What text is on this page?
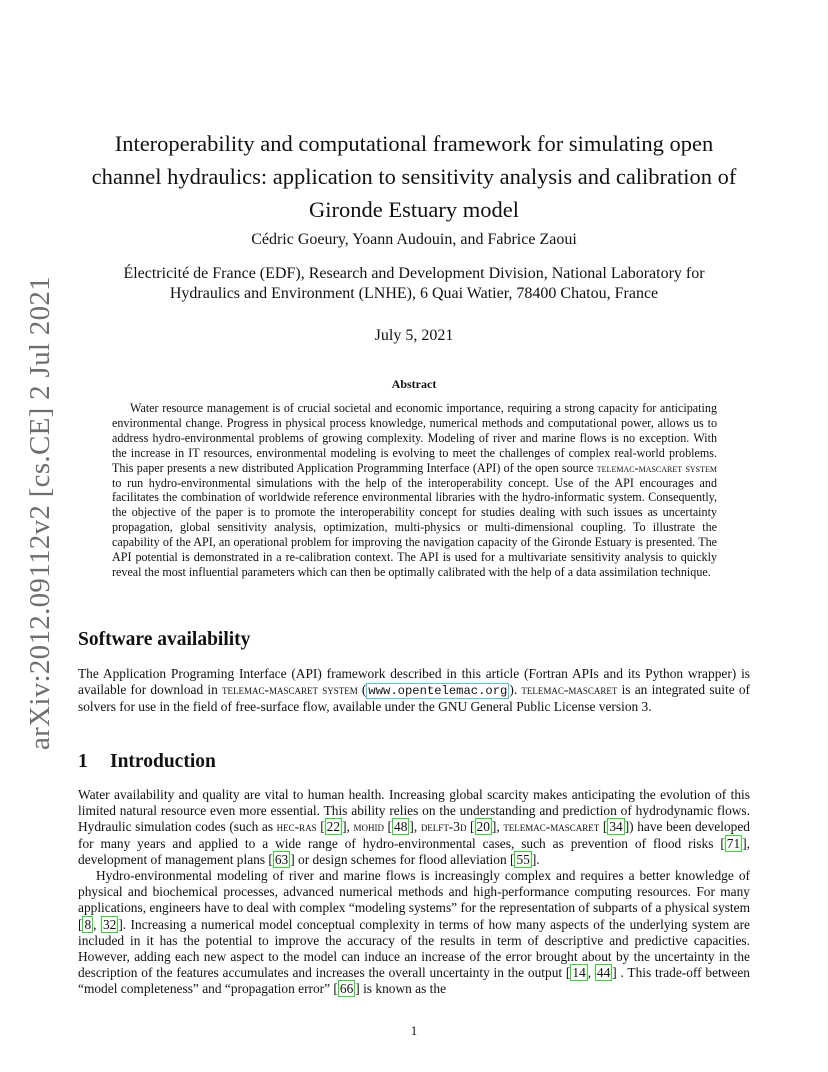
arXiv:2012.09112v2 [cs.CE] 2 Jul 2021
Interoperability and computational framework for simulating open channel hydraulics: application to sensitivity analysis and calibration of Gironde Estuary model
Cédric Goeury, Yoann Audouin, and Fabrice Zaoui
Électricité de France (EDF), Research and Development Division, National Laboratory for Hydraulics and Environment (LNHE), 6 Quai Watier, 78400 Chatou, France
July 5, 2021
Abstract

Water resource management is of crucial societal and economic importance, requiring a strong capacity for anticipating environmental change. Progress in physical process knowledge, numerical methods and computational power, allows us to address hydro-environmental problems of growing complexity. Modeling of river and marine flows is no exception. With the increase in IT resources, environmental modeling is evolving to meet the challenges of complex real-world problems. This paper presents a new distributed Application Programming Interface (API) of the open source telemac-mascaret system to run hydro-environmental simulations with the help of the interoperability concept. Use of the API encourages and facilitates the combination of worldwide reference environmental libraries with the hydro-informatic system. Consequently, the objective of the paper is to promote the interoperability concept for studies dealing with such issues as uncertainty propagation, global sensitivity analysis, optimization, multi-physics or multi-dimensional coupling. To illustrate the capability of the API, an operational problem for improving the navigation capacity of the Gironde Estuary is presented. The API potential is demonstrated in a re-calibration context. The API is used for a multivariate sensitivity analysis to quickly reveal the most influential parameters which can then be optimally calibrated with the help of a data assimilation technique.

Software availability

The Application Programing Interface (API) framework described in this article (Fortran APIs and its Python wrapper) is available for download in telemac-mascaret system ( www.opentelemac.org ). telemac-mascaret is an integrated suite of solvers for use in the field of free-surface flow, available under the GNU General Public License version 3.

1 Introduction

Water availability and quality are vital to human health. Increasing global scarcity makes anticipating the evolution of this limited natural resource even more essential. This ability relies on the understanding and prediction of hydrodynamic flows. Hydraulic simulation codes (such as hec-ras [ 22 ], mohid [ 48 ], delft-3d [ 20 ], telemac-mascaret [ 34 ]) have been developed for many years and applied to a wide range of hydro-environmental cases, such as prevention of flood risks [ 71 ], development of management plans [ 63 ] or design schemes for flood alleviation [ 55 ].

Hydro-environmental modeling of river and marine flows is increasingly complex and requires a better knowledge of physical and biochemical processes, advanced numerical methods and high-performance computing resources. For many applications, engineers have to deal with complex “modeling systems” for the representation of subparts of a physical system [ 8 , 32 ]. Increasing a numerical model conceptual complexity in terms of how many aspects of the underlying system are included in it has the potential to improve the accuracy of the results in term of descriptive and predictive capacities. However, adding each new aspect to the model can induce an increase of the error brought about by the uncertainty in the description of the features accumulates and increases the overall uncertainty in the output [ 14 , 44 ] . This trade-off between “model completeness” and “propagation error” [ 66 ] is known as the

1
